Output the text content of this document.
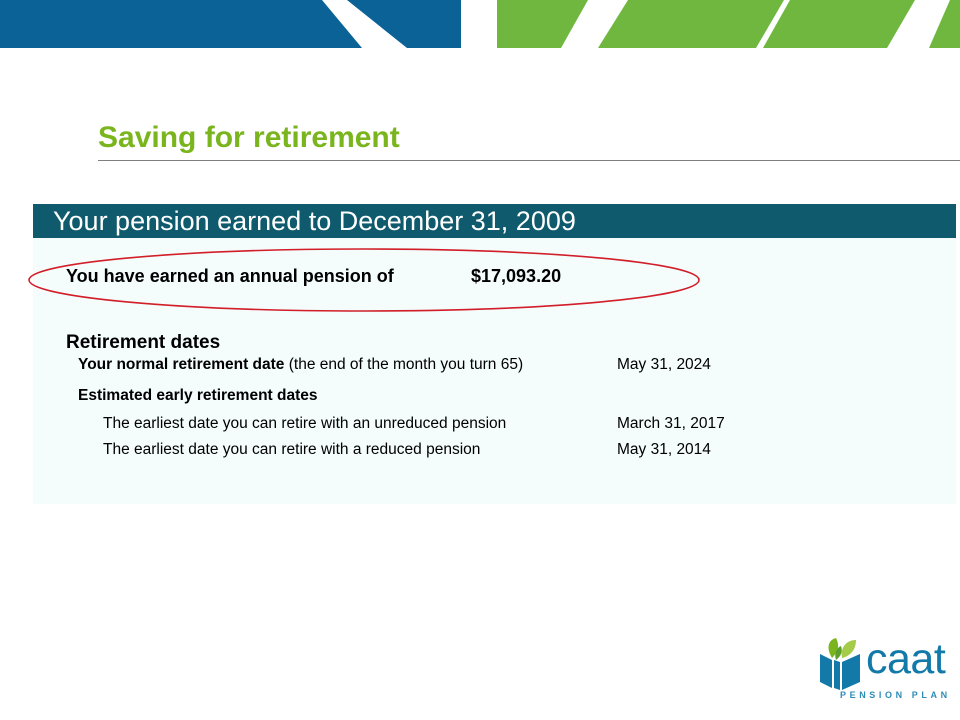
Saving for retirement
Your pension earned to December 31, 2009
You have earned an annual pension of	$17,093.20
Retirement dates
Your normal retirement date (the end of the month you turn 65)	May 31, 2024
Estimated early retirement dates
The earliest date you can retire with an unreduced pension	March 31, 2017
The earliest date you can retire with a reduced pension	May 31, 2014
caat
PENSION PLAN
